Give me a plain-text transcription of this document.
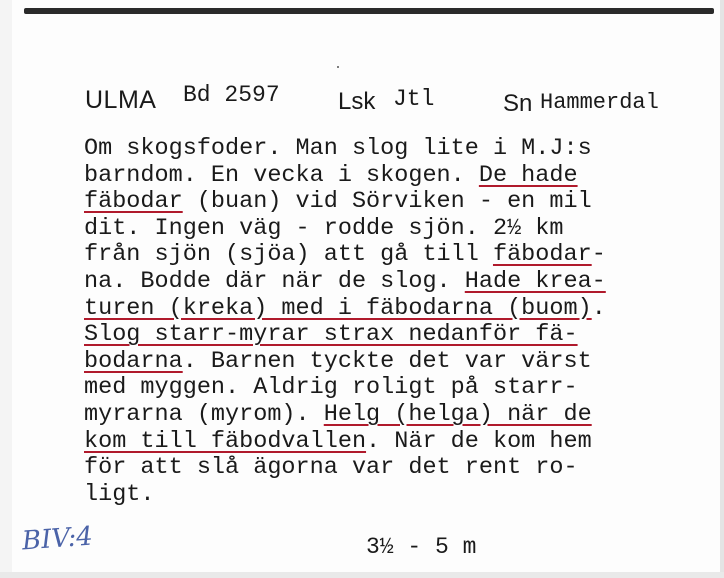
ULMA Bd 2597 Lsk Jtl	Sn Hammerdal
Om skogsfoder. Man slog lite i M.J:s
barndom. En vecka i skogen. De hade
fäbodar (buan) vid Sörviken - en mil
dit. Ingen väg - rodde sjön. 2½ km
från sjön (sjöa) att gå till fäbodar-
na. Bodde där när de slog. Hade krea-
turen (kreka) med i fäbodarna (buom).
Slog starr-myrar strax nedanför fä-
bodarna. Barnen tyckte det var värst
med myggen. Aldrig roligt på starr-
myrarna (myrom). Helg (helga) när de
kom till fäbodvallen. När de kom hem
för att slå ägorna var det rent ro-
ligt.
BIV:4	3½ - 5 m
